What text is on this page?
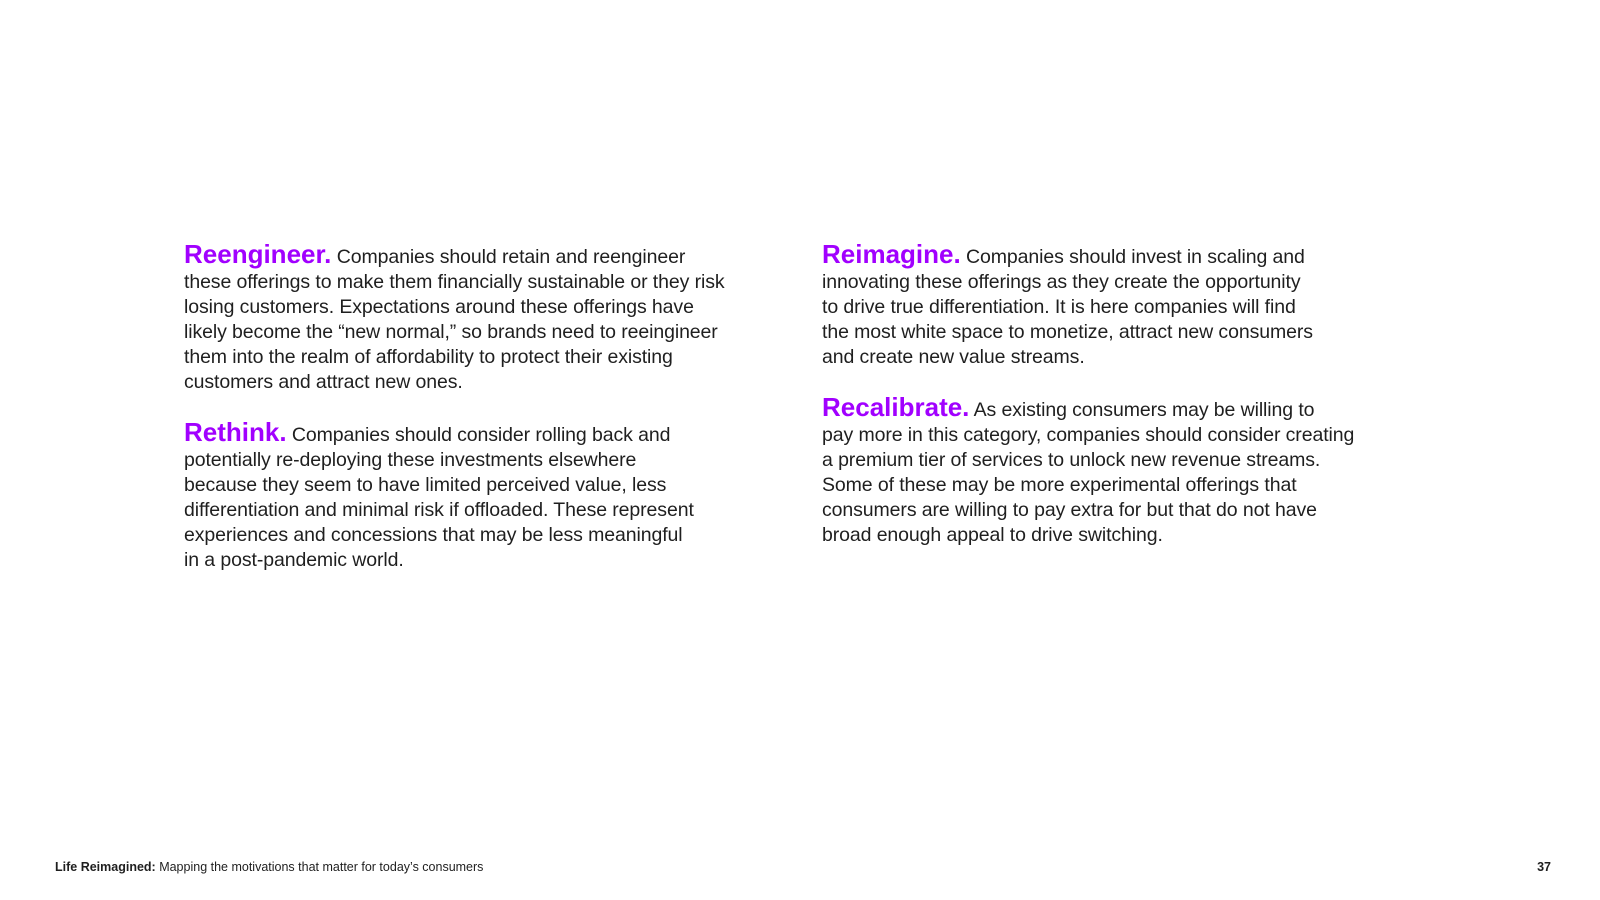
Reengineer. Companies should retain and reengineer
these offerings to make them financially sustainable or they risk
losing customers. Expectations around these offerings have
likely become the “new normal,” so brands need to reeingineer
them into the realm of affordability to protect their existing
customers and attract new ones.

Rethink. Companies should consider rolling back and
potentially re-deploying these investments elsewhere
because they seem to have limited perceived value, less
differentiation and minimal risk if offloaded. These represent
experiences and concessions that may be less meaningful
in a post-pandemic world.

Reimagine. Companies should invest in scaling and
innovating these offerings as they create the opportunity
to drive true differentiation. It is here companies will find
the most white space to monetize, attract new consumers
and create new value streams.

Recalibrate. As existing consumers may be willing to
pay more in this category, companies should consider creating
a premium tier of services to unlock new revenue streams.
Some of these may be more experimental offerings that
consumers are willing to pay extra for but that do not have
broad enough appeal to drive switching.

Life Reimagined: Mapping the motivations that matter for today’s consumers	37
